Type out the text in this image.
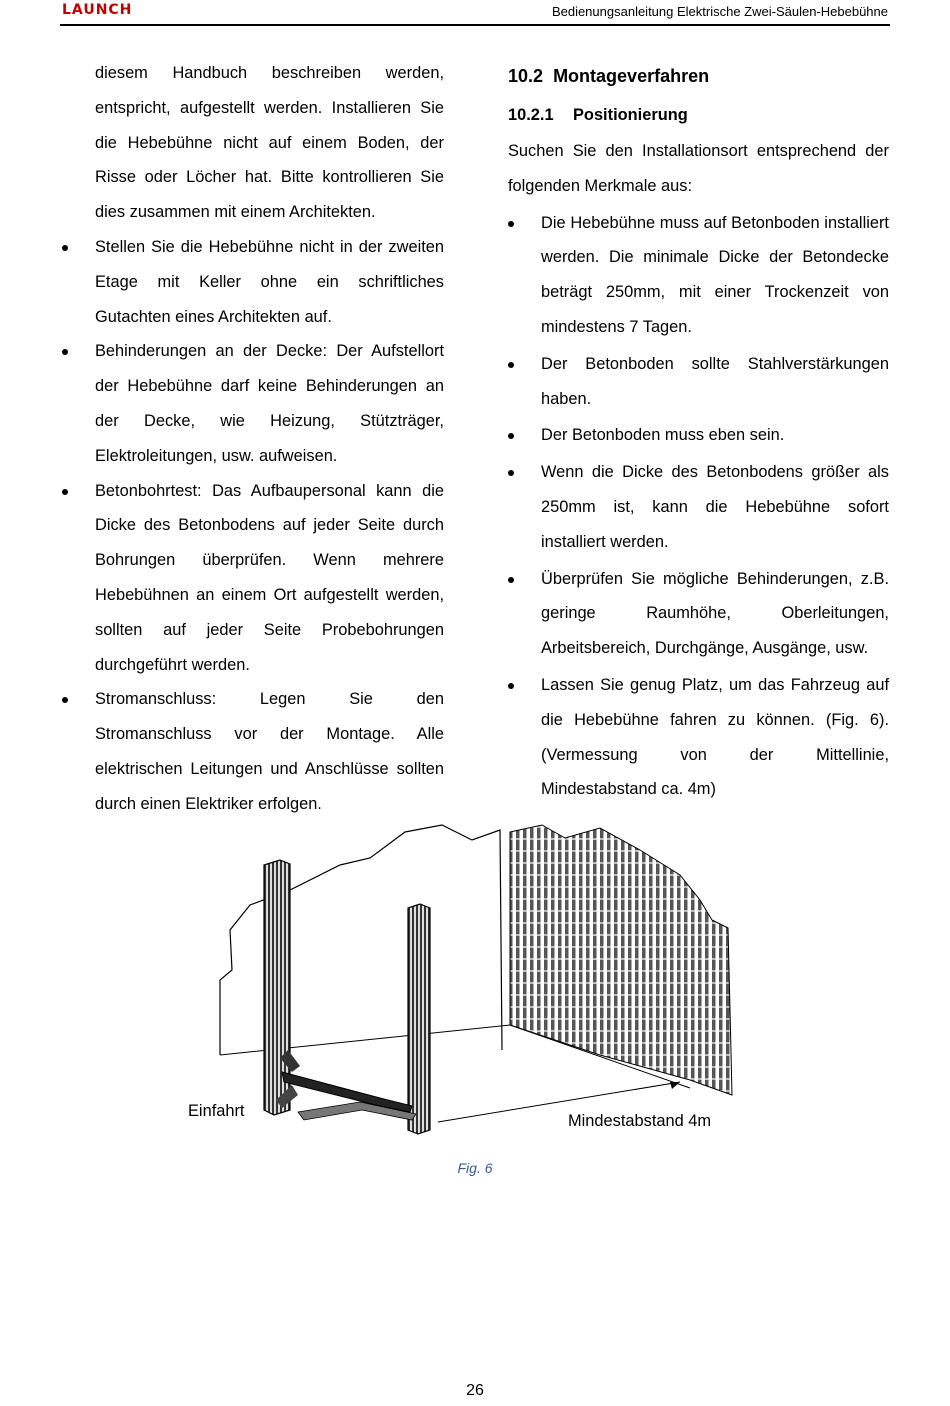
LAUNCH	Bedienungsanleitung Elektrische Zwei-Säulen-Hebebühne

diesem Handbuch beschreiben werden, entspricht, aufgestellt werden. Installieren Sie die Hebebühne nicht auf einem Boden, der Risse oder Löcher hat. Bitte kontrollieren Sie dies zusammen mit einem Architekten.

Stellen Sie die Hebebühne nicht in der zweiten Etage mit Keller ohne ein schriftliches Gutachten eines Architekten auf.
Behinderungen an der Decke: Der Aufstellort der Hebebühne darf keine Behinderungen an der Decke, wie Heizung, Stützträger, Elektroleitungen, usw. aufweisen.
Betonbohrtest: Das Aufbaupersonal kann die Dicke des Betonbodens auf jeder Seite durch Bohrungen überprüfen. Wenn mehrere Hebebühnen an einem Ort aufgestellt werden, sollten auf jeder Seite Probebohrungen durchgeführt werden.
Stromanschluss: Legen Sie den Stromanschluss vor der Montage. Alle elektrischen Leitungen und Anschlüsse sollten durch einen Elektriker erfolgen.

10.2 Montageverfahren

10.2.1 Positionierung

Suchen Sie den Installationsort entsprechend der folgenden Merkmale aus:

Die Hebebühne muss auf Betonboden installiert werden. Die minimale Dicke der Betondecke beträgt 250mm, mit einer Trockenzeit von mindestens 7 Tagen.
Der Betonboden sollte Stahlverstärkungen haben.
Der Betonboden muss eben sein.
Wenn die Dicke des Betonbodens größer als 250mm ist, kann die Hebebühne sofort installiert werden.
Überprüfen Sie mögliche Behinderungen, z.B. geringe Raumhöhe, Oberleitungen, Arbeitsbereich, Durchgänge, Ausgänge, usw.
Lassen Sie genug Platz, um das Fahrzeug auf die Hebebühne fahren zu können. (Fig. 6). (Vermessung von der Mittellinie, Mindestabstand ca. 4m)
Einfahrt
Mindestabstand 4m
Fig. 6
26
